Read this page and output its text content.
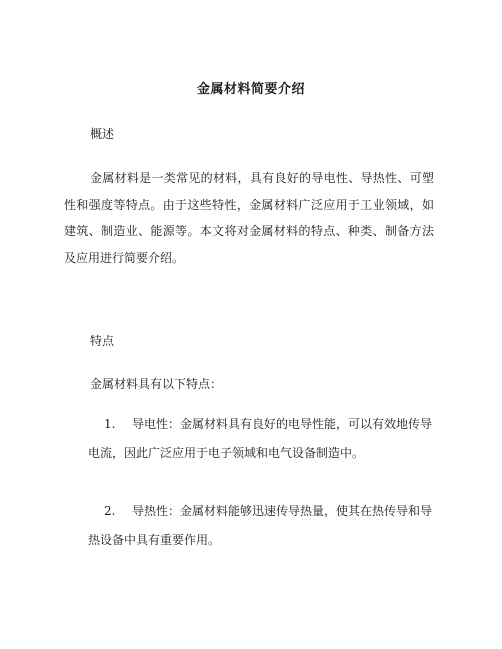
金属材料简要介绍
概述
金属材料是一类常见的材料，具有良好的导电性、导热性、可塑性和强度等特点。由于这些特性，金属材料广泛应用于工业领域，如建筑、制造业、能源等。本文将对金属材料的特点、种类、制备方法及应用进行简要介绍。
特点
金属材料具有以下特点：
1.	导电性：金属材料具有良好的电导性能，可以有效地传导电流，因此广泛应用于电子领域和电气设备制造中。
2.	导热性：金属材料能够迅速传导热量，使其在热传导和导热设备中具有重要作用。
